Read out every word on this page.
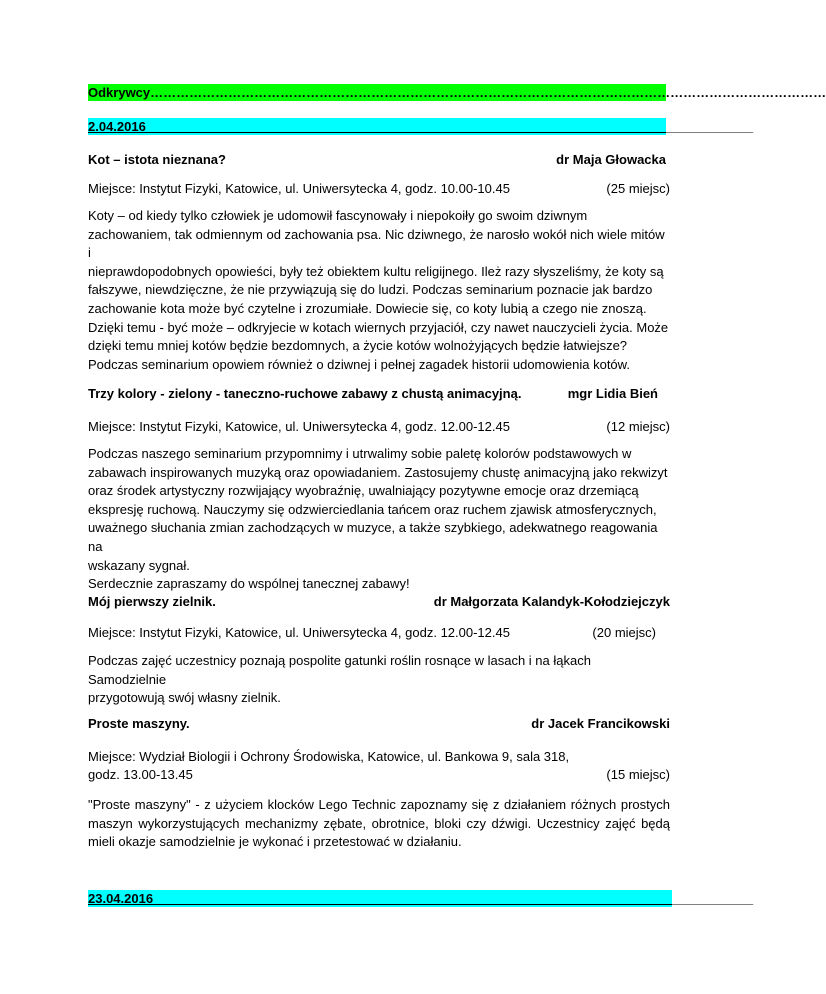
Odkrywcy…………………………………………………………………………………………………………………………………………
2.04.2016____________________________________________________________________________________
Kot – istota nieznana?	dr Maja Głowacka
Miejsce: Instytut Fizyki, Katowice, ul. Uniwersytecka 4, godz. 10.00-10.45	(25 miejsc)
Koty – od kiedy tylko człowiek je udomowił fascynowały i niepokoiły go swoim dziwnym
zachowaniem, tak odmiennym od zachowania psa. Nic dziwnego, że narosło wokół nich wiele mitów i
nieprawdopodobnych opowieści, były też obiektem kultu religijnego. Ileż razy słyszeliśmy, że koty są
fałszywe, niewdzięczne, że nie przywiązują się do ludzi. Podczas seminarium poznacie jak bardzo
zachowanie kota może być czytelne i zrozumiałe. Dowiecie się, co koty lubią a czego nie znoszą.
Dzięki temu - być może – odkryjecie w kotach wiernych przyjaciół, czy nawet nauczycieli życia. Może
dzięki temu mniej kotów będzie bezdomnych, a życie kotów wolnożyjących będzie łatwiejsze?
Podczas seminarium opowiem również o dziwnej i pełnej zagadek historii udomowienia kotów.
Trzy kolory - zielony - taneczno-ruchowe zabawy z chustą animacyjną.	mgr Lidia Bień
Miejsce: Instytut Fizyki, Katowice, ul. Uniwersytecka 4, godz. 12.00-12.45	(12 miejsc)
Podczas naszego seminarium przypomnimy i utrwalimy sobie paletę kolorów podstawowych w
zabawach inspirowanych muzyką oraz opowiadaniem. Zastosujemy chustę animacyjną jako rekwizyt
oraz środek artystyczny rozwijający wyobraźnię, uwalniający pozytywne emocje oraz drzemiącą
ekspresję ruchową. Nauczymy się odzwierciedlania tańcem oraz ruchem zjawisk atmosferycznych,
uważnego słuchania zmian zachodzących w muzyce, a także szybkiego, adekwatnego reagowania na
wskazany sygnał.
Serdecznie zapraszamy do wspólnej tanecznej zabawy!
Mój pierwszy zielnik.	dr Małgorzata Kalandyk-Kołodziejczyk
Miejsce: Instytut Fizyki, Katowice, ul. Uniwersytecka 4, godz. 12.00-12.45	(20 miejsc)
Podczas zajęć uczestnicy poznają pospolite gatunki roślin rosnące w lasach i na łąkach Samodzielnie
przygotowują swój własny zielnik.
Proste maszyny.	dr Jacek Francikowski
Miejsce: Wydział Biologii i Ochrony Środowiska, Katowice, ul. Bankowa 9, sala 318,
godz. 13.00-13.45	(15 miejsc)
"Proste maszyny" - z użyciem klocków Lego Technic zapoznamy się z działaniem różnych prostych maszyn wykorzystujących mechanizmy zębate, obrotnice, bloki czy dźwigi. Uczestnicy zajęć będą mieli okazje samodzielnie je wykonać i przetestować w działaniu.
23.04.2016___________________________________________________________________________________
